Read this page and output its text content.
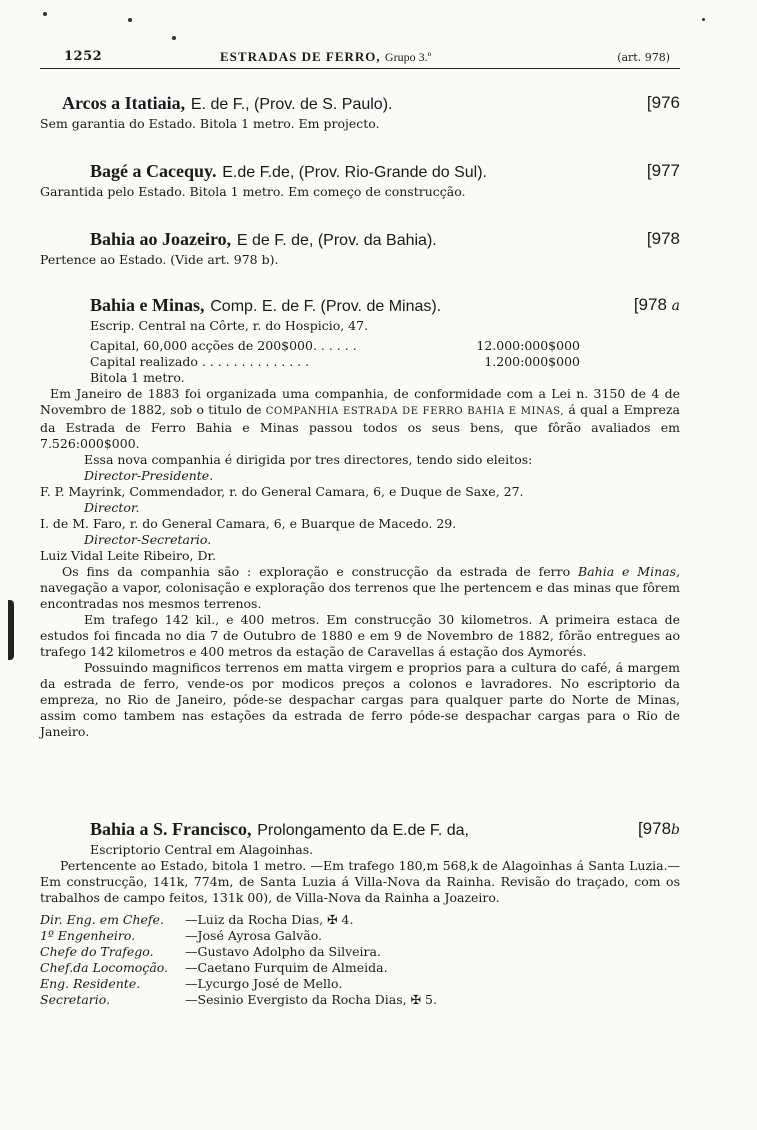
1252	ESTRADAS DE FERRO, Grupo 3.º	(art. 978)
Arcos a Itatiaia, E. de F., (Prov. de S. Paulo).	[976
Sem garantia do Estado. Bitola 1 metro. Em projecto.
Bagé a Cacequy. E.de F.de, (Prov. Rio-Grande do Sul).	[977
Garantida pelo Estado. Bitola 1 metro. Em começo de construcção.
Bahia ao Joazeiro, E de F. de, (Prov. da Bahia).	[978
Pertence ao Estado. (Vide art. 978 b).
Bahia e Minas, Comp. E. de F. (Prov. de Minas).	[978 a
Escrip. Central na Côrte, r. do Hospicio, 47.
Capital, 60,000 acções de 200$000. . . . . .	12.000:000$000
Capital realizado . . . . . . . . . . . . . .	1.200:000$000
Bitola 1 metro.
Em Janeiro de 1883 foi organizada uma companhia, de conformidade com a Lei n. 3150 de 4 de Novembro de 1882, sob o titulo de COMPANHIA ESTRADA DE FERRO BAHIA E MINAS, á qual a Empreza da Estrada de Ferro Bahia e Minas passou todos os seus bens, que fôrão avaliados em 7.526:000$000.
Essa nova companhia é dirigida por tres directores, tendo sido eleitos:
Director-Presidente.
F. P. Mayrink, Commendador, r. do General Camara, 6, e Duque de Saxe, 27.
Director.
I. de M. Faro, r. do General Camara, 6, e Buarque de Macedo. 29.
Director-Secretario.
Luiz Vidal Leite Ribeiro, Dr.
Os fins da companhia são : exploração e construcção da estrada de ferro Bahia e Minas, navegação a vapor, colonisação e exploração dos terrenos que lhe pertencem e das minas que fôrem encontradas nos mesmos terrenos.
Em trafego 142 kil., e 400 metros. Em construcção 30 kilometros. A primeira estaca de estudos foi fincada no dia 7 de Outubro de 1880 e em 9 de Novembro de 1882, fôrão entregues ao trafego 142 kilometros e 400 metros da estação de Caravellas á estação dos Aymorés.
Possuindo magnificos terrenos em matta virgem e proprios para a cultura do café, á margem da estrada de ferro, vende-os por modicos preços a colonos e lavradores. No escriptorio da empreza, no Rio de Janeiro, póde-se despachar cargas para qualquer parte do Norte de Minas, assim como tambem nas estações da estrada de ferro póde-se despachar cargas para o Rio de Janeiro.
Bahia a S. Francisco, Prolongamento da E.de F. da,	[978b
Escriptorio Central em Alagoinhas.
Pertencente ao Estado, bitola 1 metro. —Em trafego 180,m 568,k de Alagoinhas á Santa Luzia.—Em construcção, 141k, 774m, de Santa Luzia á Villa-Nova da Rainha. Revisão do traçado, com os trabalhos de campo feitos, 131k 00), de Villa-Nova da Rainha a Joazeiro.
Dir. Eng. em Chefe.	—Luiz da Rocha Dias, ✠ 4.
1º Engenheiro.	—José Ayrosa Galvão.
Chefe do Trafego.	—Gustavo Adolpho da Silveira.
Chef.da Locomoção.	—Caetano Furquim de Almeida.
Eng. Residente.	—Lycurgo José de Mello.
Secretario.	—Sesinio Evergisto da Rocha Dias, ✠ 5.
